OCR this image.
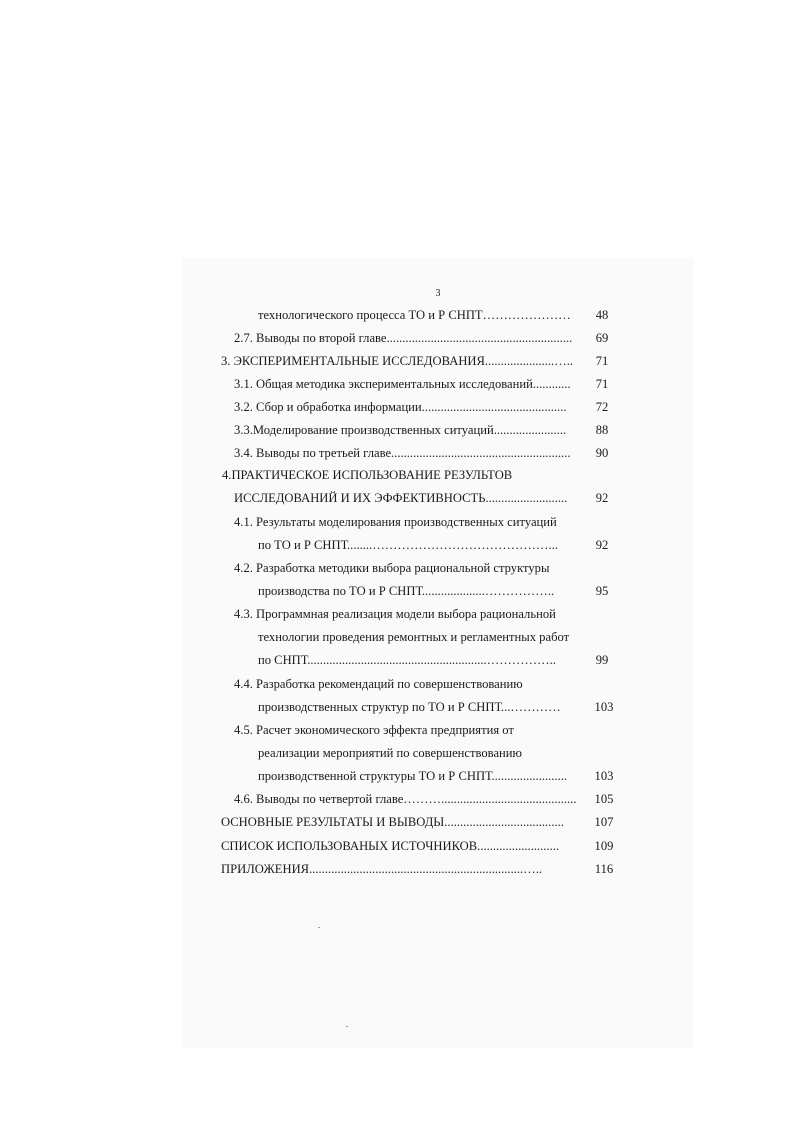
3
технологического процесса ТО и Р СНПТ…………………	48
2.7. Выводы по второй главе...........................................................	69
3. ЭКСПЕРИМЕНТАЛЬНЫЕ ИССЛЕДОВАНИЯ......................…..	71
3.1. Общая методика экспериментальных исследований............	71
3.2. Сбор и обработка информации..............................................	72
3.3.Моделирование производственных ситуаций.......................	88
3.4. Выводы по третьей главе.........................................................	90
4.ПРАКТИЧЕСКОЕ ИСПОЛЬЗОВАНИЕ РЕЗУЛЬТОВ
ИССЛЕДОВАНИЙ И ИХ ЭФФЕКТИВНОСТЬ..........................	92
4.1. Результаты моделирования производственных ситуаций
по ТО и Р СНПТ........……………………………………...	92
4.2. Разработка методики выбора рациональной структуры
производства по ТО и Р СНПТ....................……………..	95
4.3. Программная реализация модели выбора рациональной
технологии проведения ремонтных и регламентных работ
по СНПТ.........................................................……………..	99
4.4. Разработка рекомендаций по совершенствованию
производственных структур по ТО и Р СНПТ...…………	103
4.5. Расчет экономического эффекта предприятия от
реализации мероприятий по совершенствованию
производственной структуры ТО и Р СНПТ........................	103
4.6. Выводы по четвертой главе………...........................................	105
ОСНОВНЫЕ РЕЗУЛЬТАТЫ И ВЫВОДЫ......................................	107
СПИСОК ИСПОЛЬЗОВАНЫХ ИСТОЧНИКОВ..........................	109
ПРИЛОЖЕНИЯ....................................................................…..	116
